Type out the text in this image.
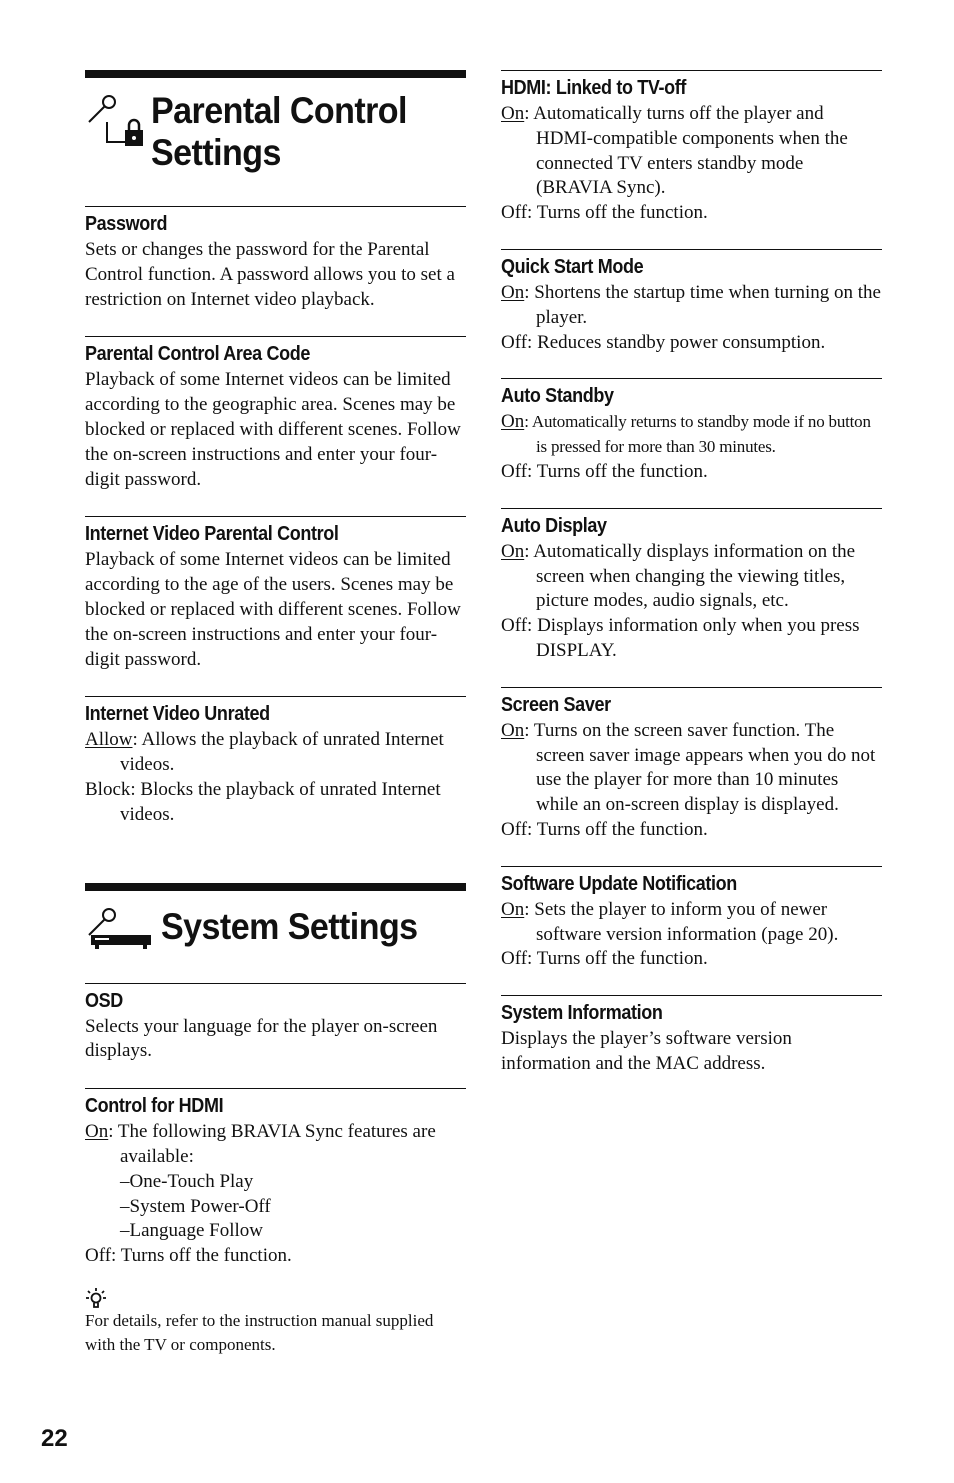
Parental Control Settings
Password
Sets or changes the password for the Parental Control function. A password allows you to set a restriction on Internet video playback.
Parental Control Area Code
Playback of some Internet videos can be limited according to the geographic area. Scenes may be blocked or replaced with different scenes. Follow the on-screen instructions and enter your four-digit password.
Internet Video Parental Control
Playback of some Internet videos can be limited according to the age of the users. Scenes may be blocked or replaced with different scenes. Follow the on-screen instructions and enter your four-digit password.
Internet Video Unrated
Allow: Allows the playback of unrated Internet videos.
Block: Blocks the playback of unrated Internet videos.
System Settings
OSD
Selects your language for the player on-screen displays.
Control for HDMI
On: The following BRAVIA Sync features are available:
–One-Touch Play
–System Power-Off
–Language Follow
Off: Turns off the function.
For details, refer to the instruction manual supplied with the TV or components.
HDMI: Linked to TV-off
On: Automatically turns off the player and HDMI-compatible components when the connected TV enters standby mode (BRAVIA Sync).
Off: Turns off the function.
Quick Start Mode
On: Shortens the startup time when turning on the player.
Off: Reduces standby power consumption.
Auto Standby
On: Automatically returns to standby mode if no button is pressed for more than 30 minutes.
Off: Turns off the function.
Auto Display
On: Automatically displays information on the screen when changing the viewing titles, picture modes, audio signals, etc.
Off: Displays information only when you press DISPLAY.
Screen Saver
On: Turns on the screen saver function. The screen saver image appears when you do not use the player for more than 10 minutes while an on-screen display is displayed.
Off: Turns off the function.
Software Update Notification
On: Sets the player to inform you of newer software version information (page 20).
Off: Turns off the function.
System Information
Displays the player’s software version information and the MAC address.
22
